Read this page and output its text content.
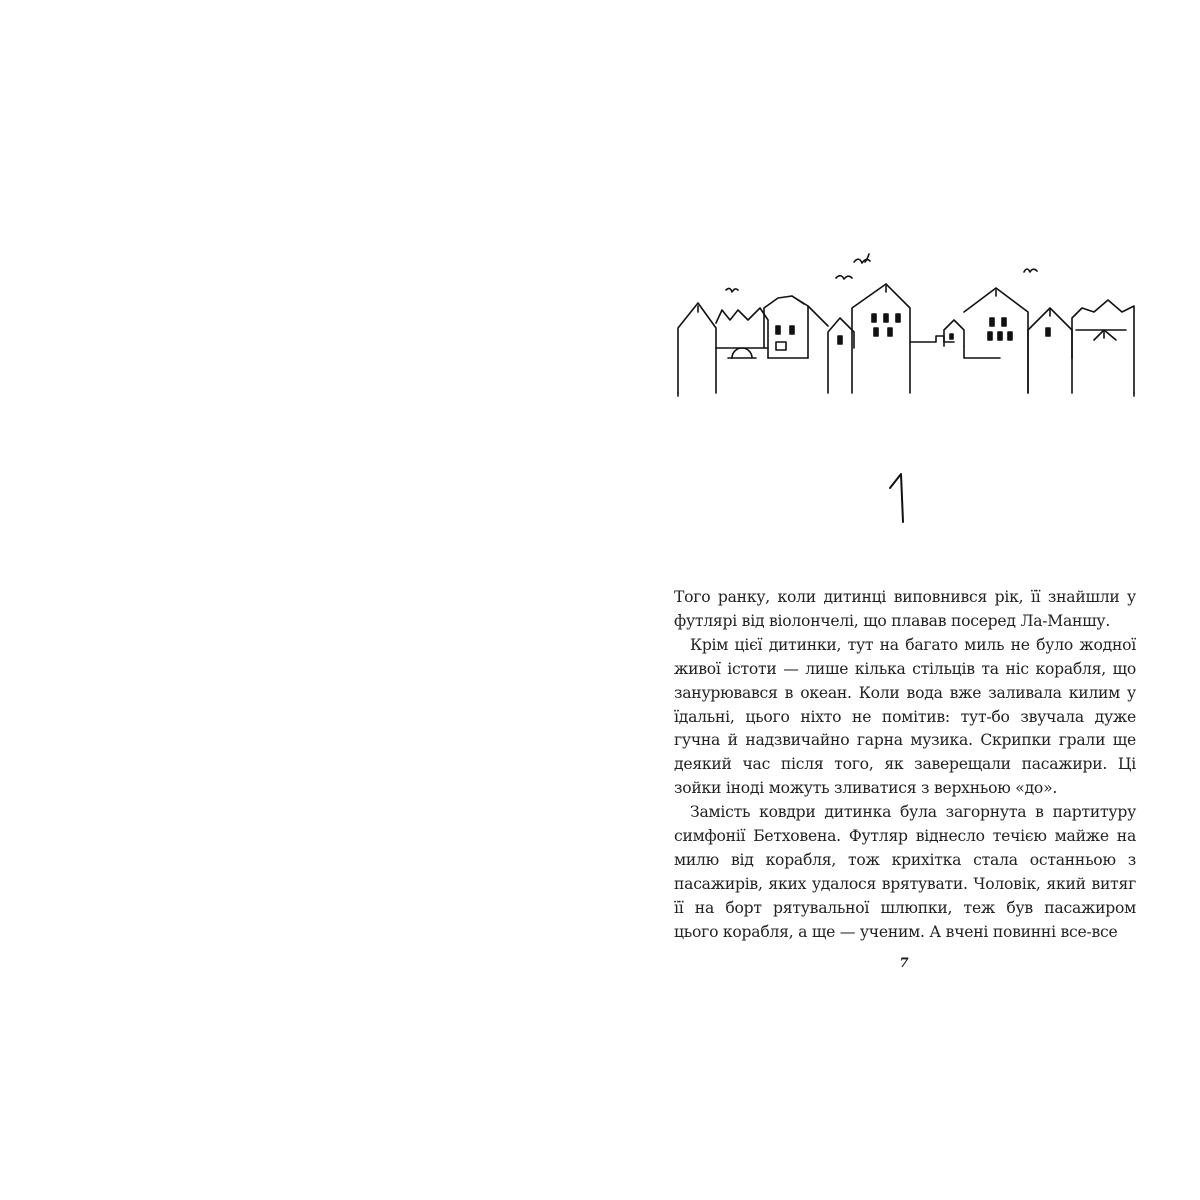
Того ранку, коли дитинці виповнився рік, її знайшли у футлярі від віолончелі, що плавав посеред Ла-Маншу.

Крім цієї дитинки, тут на багато миль не було жодної живої істоти — лише кілька стільців та ніс корабля, що занурювався в океан. Коли вода вже заливала килим у їдальні, цього ніхто не помітив: тут-бо звучала дуже гучна й надзвичайно гарна музика. Скрипки грали ще деякий час після того, як заверещали пасажири. Ці зойки іноді можуть зливатися з верхньою «до».

Замість ковдри дитинка була загорнута в партитуру симфонії Бетховена. Футляр віднесло течією майже на милю від корабля, тож крихітка стала останньою з пасажирів, яких удалося врятувати. Чоловік, який витяг її на борт рятувальної шлюпки, теж був пасажиром цього корабля, а ще — ученим. А вчені повинні все-все

7
